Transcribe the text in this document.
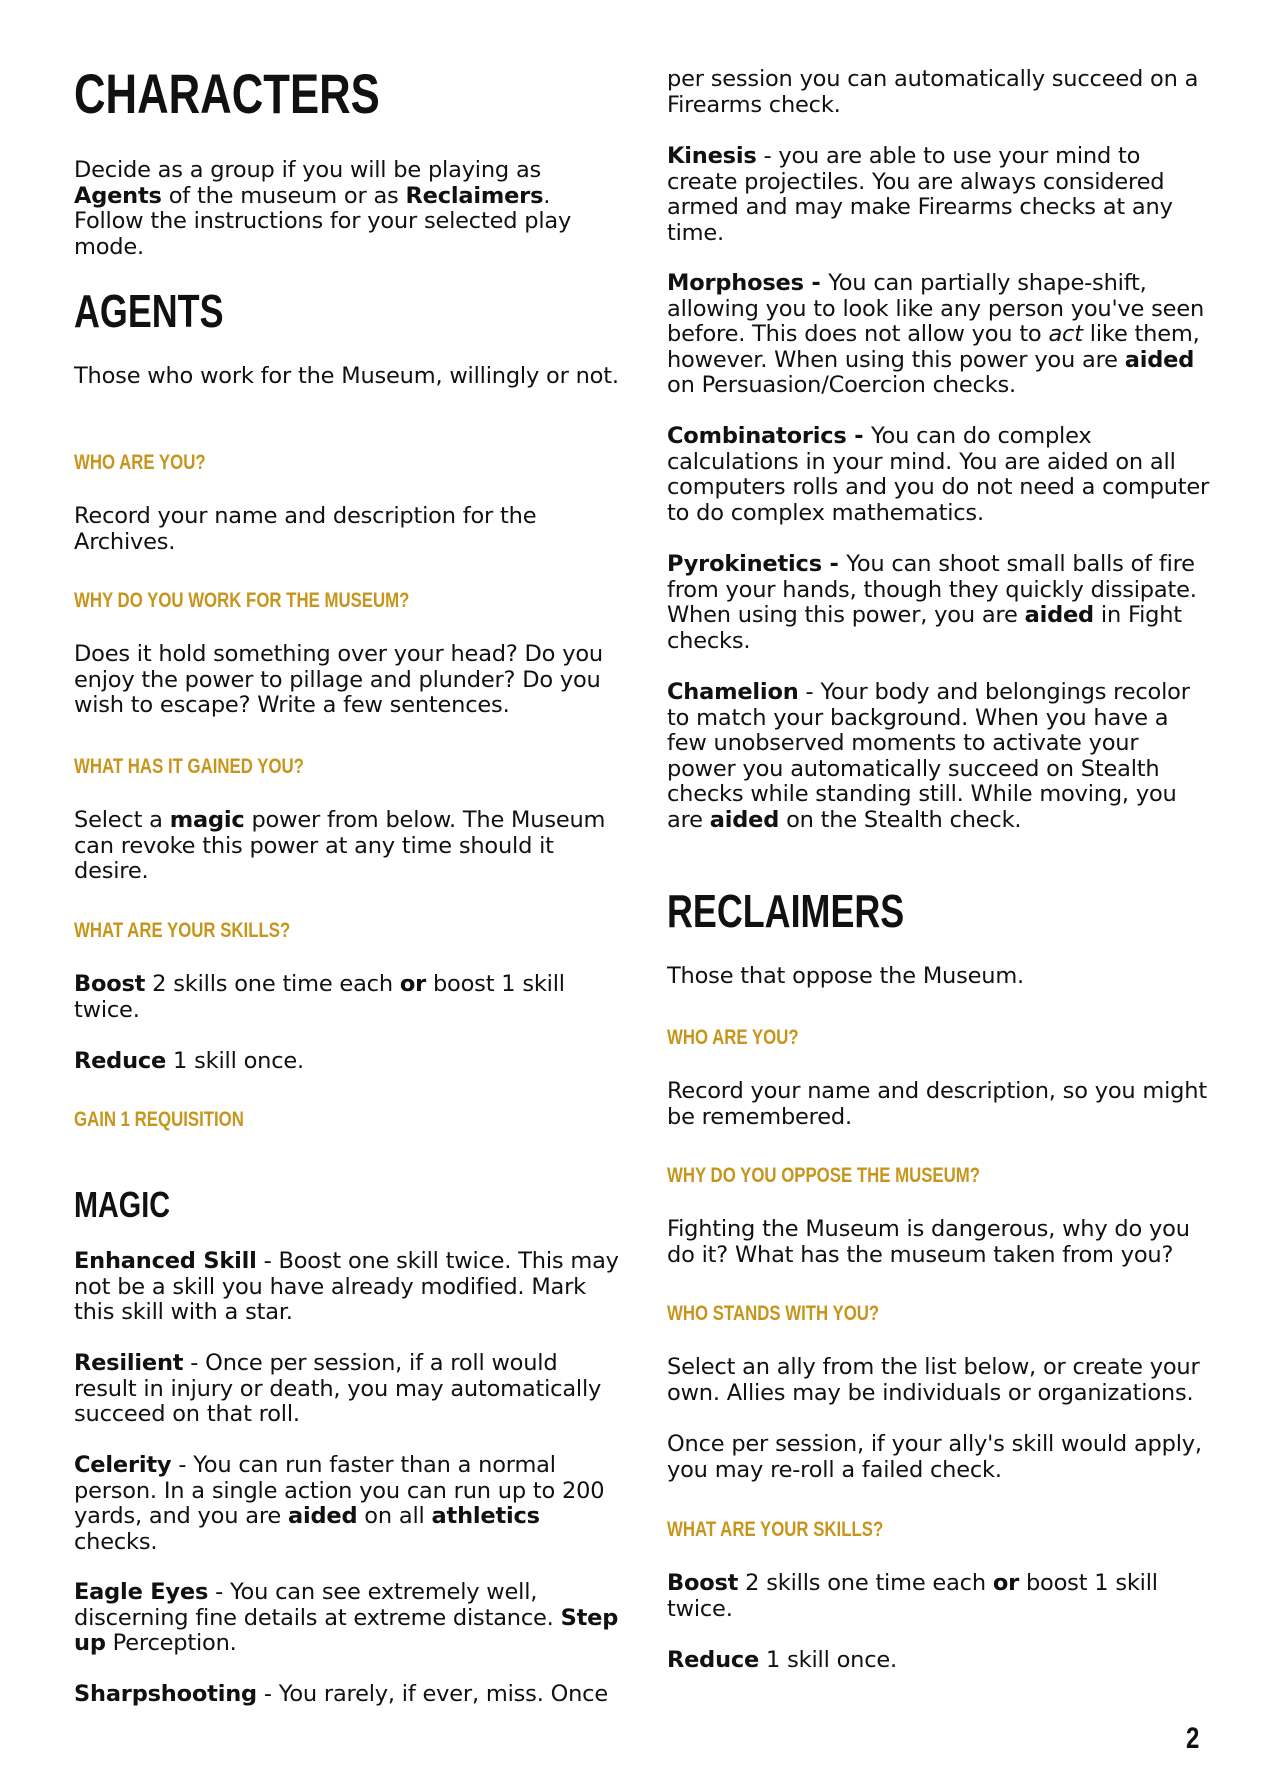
CHARACTERS

Decide as a group if you will be playing as Agents of the museum or as Reclaimers. Follow the instructions for your selected play mode.

AGENTS

Those who work for the Museum, willingly or not.

WHO ARE YOU?

Record your name and description for the Archives.

WHY DO YOU WORK FOR THE MUSEUM?

Does it hold something over your head? Do you enjoy the power to pillage and plunder? Do you wish to escape? Write a few sentences.

WHAT HAS IT GAINED YOU?

Select a magic power from below. The Museum can revoke this power at any time should it desire.

WHAT ARE YOUR SKILLS?

Boost 2 skills one time each or boost 1 skill twice.

Reduce 1 skill once.

GAIN 1 REQUISITION
MAGIC

Enhanced Skill - Boost one skill twice. This may not be a skill you have already modified. Mark this skill with a star.

Resilient - Once per session, if a roll would result in injury or death, you may automatically succeed on that roll.

Celerity - You can run faster than a normal person. In a single action you can run up to 200 yards, and you are aided on all athletics checks.

Eagle Eyes - You can see extremely well, discerning fine details at extreme distance. Step up Perception.

Sharpshooting - You rarely, if ever, miss. Once

per session you can automatically succeed on a Firearms check.

Kinesis - you are able to use your mind to create projectiles. You are always considered armed and may make Firearms checks at any time.

Morphoses - You can partially shape-shift, allowing you to look like any person you've seen before. This does not allow you to act like them, however. When using this power you are aided on Persuasion/Coercion checks.

Combinatorics - You can do complex calculations in your mind. You are aided on all computers rolls and you do not need a computer to do complex mathematics.

Pyrokinetics - You can shoot small balls of fire from your hands, though they quickly dissipate. When using this power, you are aided in Fight checks.

Chamelion - Your body and belongings recolor to match your background. When you have a few unobserved moments to activate your power you automatically succeed on Stealth checks while standing still. While moving, you are aided on the Stealth check.

RECLAIMERS

Those that oppose the Museum.

WHO ARE YOU?

Record your name and description, so you might be remembered.

WHY DO YOU OPPOSE THE MUSEUM?

Fighting the Museum is dangerous, why do you do it? What has the museum taken from you?

WHO STANDS WITH YOU?

Select an ally from the list below, or create your own. Allies may be individuals or organizations.

Once per session, if your ally's skill would apply, you may re-roll a failed check.

WHAT ARE YOUR SKILLS?

Boost 2 skills one time each or boost 1 skill twice.

Reduce 1 skill once.

2
